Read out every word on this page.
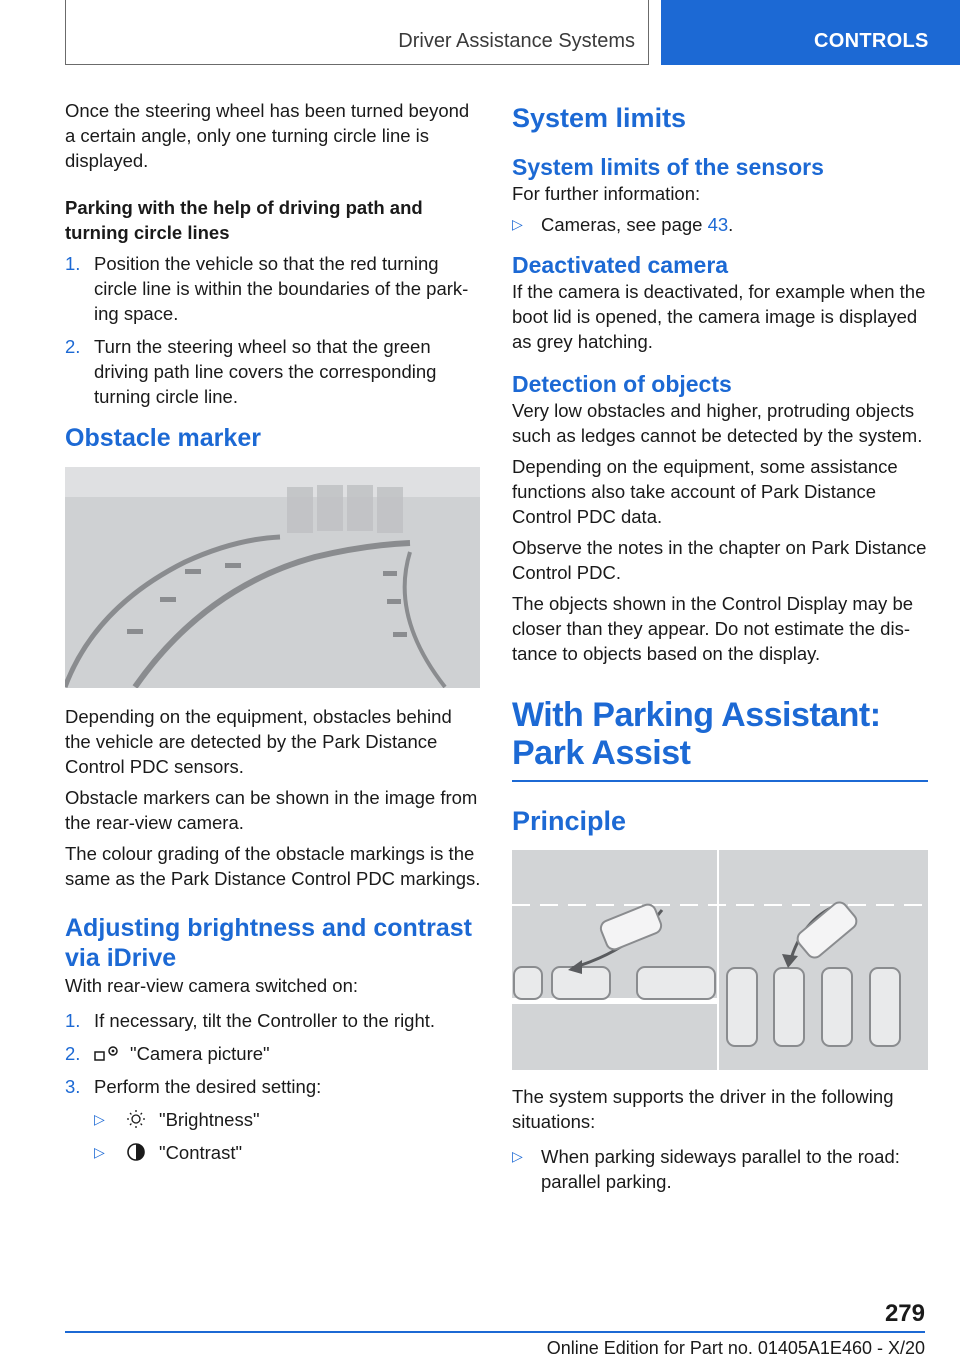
Driver Assistance Systems	CONTROLS

Once the steering wheel has been turned beyond a certain angle, only one turning circle line is displayed.

Parking with the help of driving path and turning circle lines

1. Position the vehicle so that the red turning circle line is within the boundaries of the parking space.
2. Turn the steering wheel so that the green driving path line covers the corresponding turning circle line.
Obstacle marker

Depending on the equipment, obstacles behind the vehicle are detected by the Park Distance Control PDC sensors.

Obstacle markers can be shown in the image from the rear-view camera.

The colour grading of the obstacle markings is the same as the Park Distance Control PDC markings.

Adjusting brightness and contrast via iDrive

With rear-view camera switched on:

1. If necessary, tilt the Controller to the right.
2.	"Camera picture"
3. Perform the desired setting:
▷	"Brightness"
▷	"Contrast"
System limits
System limits of the sensors

For further information:

▷ Cameras, see page 43.
Deactivated camera

If the camera is deactivated, for example when the boot lid is opened, the camera image is displayed as grey hatching.

Detection of objects

Very low obstacles and higher, protruding objects such as ledges cannot be detected by the system.

Depending on the equipment, some assistance functions also take account of Park Distance Control PDC data.

Observe the notes in the chapter on Park Distance Control PDC.

The objects shown in the Control Display may be closer than they appear. Do not estimate the distance to objects based on the display.

With Parking Assistant:
Park Assist
Principle

The system supports the driver in the following situations:

▷ When parking sideways parallel to the road: parallel parking.
279
Online Edition for Part no. 01405A1E460 - X/20
